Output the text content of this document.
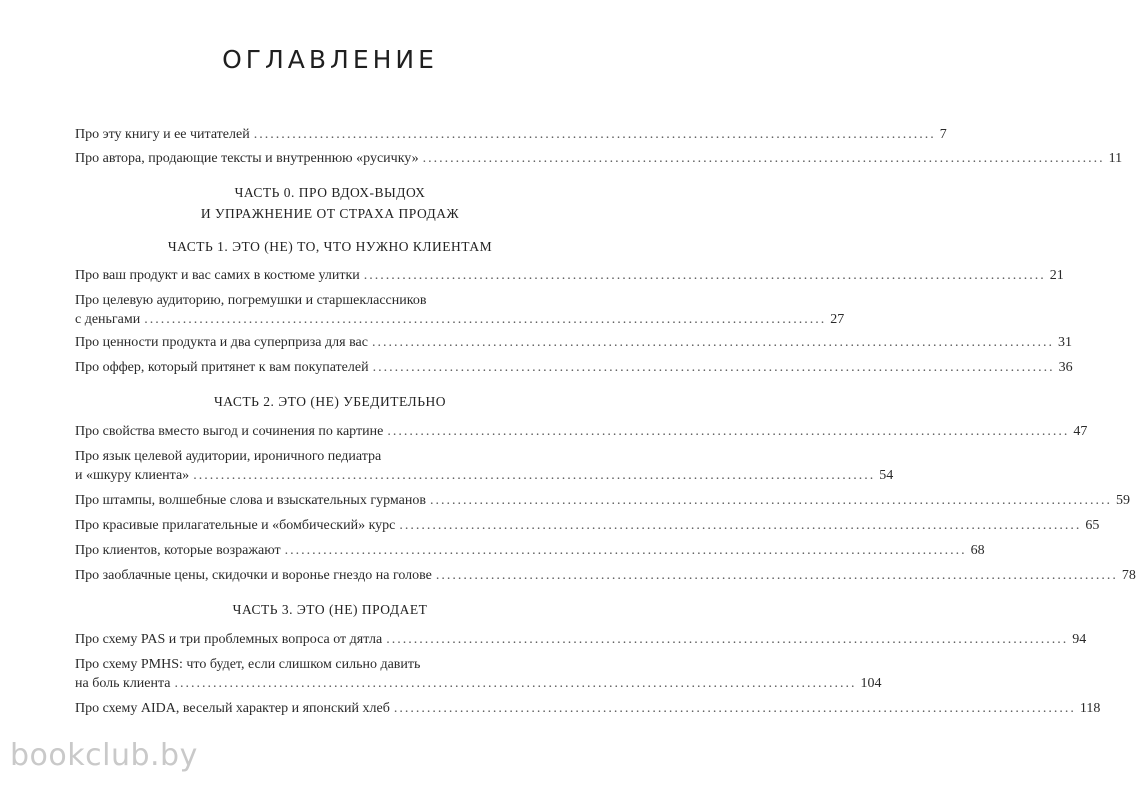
ОГЛАВЛЕНИЕ
Про эту книгу и ее читателей ............................................................................................................................ 7
Про автора, продающие тексты и внутреннюю «русичку» ............................................................................................................................ 11
ЧАСТЬ 0. ПРО ВДОХ-ВЫДОХ
И УПРАЖНЕНИЕ ОТ СТРАХА ПРОДАЖ
ЧАСТЬ 1. ЭТО (НЕ) ТО, ЧТО НУЖНО КЛИЕНТАМ
Про ваш продукт и вас самих в костюме улитки ............................................................................................................................ 21
Про целевую аудиторию, погремушки и старшеклассников
с деньгами ............................................................................................................................ 27
Про ценности продукта и два суперприза для вас ............................................................................................................................ 31
Про оффер, который притянет к вам покупателей ............................................................................................................................ 36
ЧАСТЬ 2. ЭТО (НЕ) УБЕДИТЕЛЬНО
Про свойства вместо выгод и сочинения по картине ............................................................................................................................ 47
Про язык целевой аудитории, ироничного педиатра
и «шкуру клиента» ............................................................................................................................ 54
Про штампы, волшебные слова и взыскательных гурманов ............................................................................................................................ 59
Про красивые прилагательные и «бомбический» курс ............................................................................................................................ 65
Про клиентов, которые возражают ............................................................................................................................ 68
Про заоблачные цены, скидочки и воронье гнездо на голове ............................................................................................................................ 78
ЧАСТЬ 3. ЭТО (НЕ) ПРОДАЕТ
Про схему PAS и три проблемных вопроса от дятла ............................................................................................................................ 94
Про схему PMHS: что будет, если слишком сильно давить
на боль клиента ............................................................................................................................ 104
Про схему AIDA, веселый характер и японский хлеб ............................................................................................................................ 118
bookclub.by
